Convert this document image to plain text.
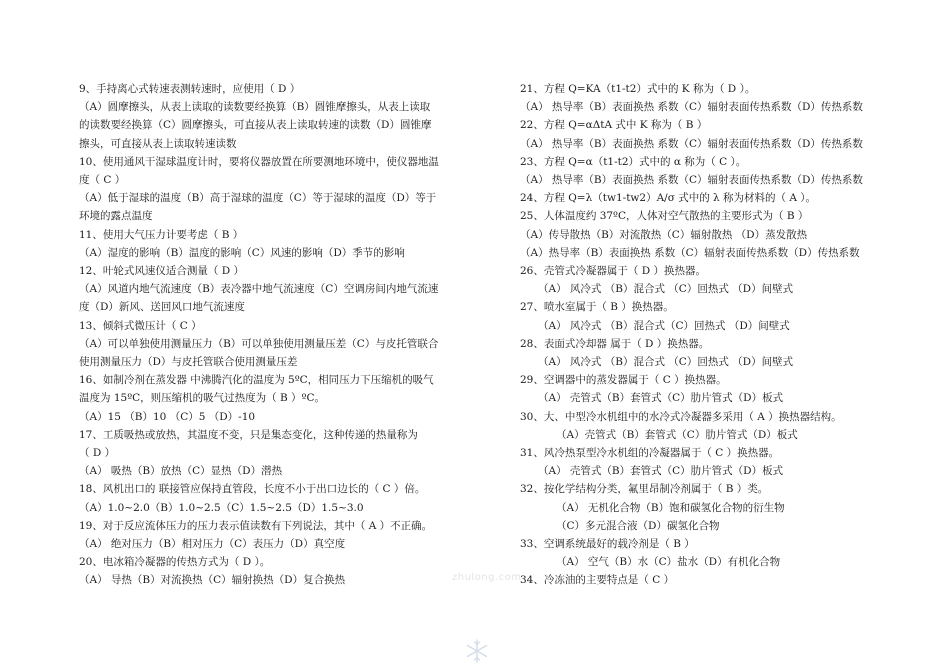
9、手持离心式转速表测转速时，应使用（ D ）
（A）圆摩擦头，从表上读取的读数要经换算（B）圆锥摩擦头，从表上读取
的读数要经换算（C）圆摩擦头，可直接从表上读取转速的读数（D）圆锥摩
擦头，可直接从表上读取转速读数
10、使用通风干湿球温度计时，要将仪器放置在所要测地环境中，使仪器地温
度（ C ）
（A）低于湿球的温度（B）高于湿球的温度（C）等于湿球的温度（D）等于
环境的露点温度
11、使用大气压力计要考虑（ B ）
（A）湿度的影响（B）温度的影响（C）风速的影响（D）季节的影响
12、叶轮式风速仪适合测量（ D ）
（A）风道内地气流速度（B）表冷器中地气流速度（C）空调房间内地气流速
度（D）新风、送回风口地气流速度
13、倾斜式微压计（ C ）
（A）可以单独使用测量压力（B）可以单独使用测量压差（C）与皮托管联合
使用测量压力（D）与皮托管联合使用测量压差
16、如制冷剂在蒸发器 中沸腾汽化的温度为 5ºC，相同压力下压缩机的吸气
温度为 15ºC，则压缩机的吸气过热度为（ B ）ºC。
（A）15 （B）10 （C）5 （D）-10
17、工质吸热或放热，其温度不变，只是集态变化，这种传递的热量称为
（ D ）
（A） 吸热（B）放热（C）显热（D）潜热
18、风机出口的 联接管应保持直管段，长度不小于出口边长的（ C ）倍。
（A）1.0~2.0（B）1.0~2.5（C）1.5~2.5（D）1.5~3.0
19、对于反应流体压力的压力表示值读数有下列说法，其中（ A ）不正确。
（A） 绝对压力（B）相对压力（C）表压力（D）真空度
20、电冰箱冷凝器的传热方式为（ D ）。
（A） 导热（B）对流换热（C）辐射换热（D）复合换热
21、方程 Q=KA（t1-t2）式中的 K 称为（ D ）。
（A） 热导率（B）表面换热 系数（C）辐射表面传热系数（D）传热系数
22、方程 Q=αΔtA 式中 K 称为（ B ）
（A） 热导率（B）表面换热 系数（C）辐射表面传热系数（D）传热系数
23、方程 Q=α（t1-t2）式中的 α 称为（ C ）。
（A） 热导率（B）表面换热 系数（C）辐射表面传热系数（D）传热系数
24、方程 Q=λ（tw1-tw2）A/σ 式中的 λ 称为材料的（ A ）。
25、人体温度约 37ºC，人体对空气散热的主要形式为（ B ）
（A）传导散热（B）对流散热（C）辐射散热 （D）蒸发散热
（A）热导率（B）表面换热 系数（C）辐射表面传热系数（D）传热系数
26、壳管式冷凝器属于（ D ）换热器。
（A） 风冷式 （B）混合式 （C）回热式 （D）间壁式
27、喷水室属于（ B ）换热器。
（A） 风冷式 （B）混合式（C）回热式 （D）间壁式
28、表面式冷却器 属于（ D ）换热器。
（A） 风冷式 （B）混合式 （C）回热式 （D）间壁式
29、空调器中的蒸发器属于（ C ）换热器。
（A） 壳管式（B）套管式（C）肋片管式（D）板式
30、大、中型冷水机组中的水冷式冷凝器多采用（ A ）换热器结构。
（A）壳管式（B）套管式（C）肋片管式（D）板式
31、风冷热泵型冷水机组的冷凝器属于（ C ）换热器。
（A） 壳管式（B）套管式（C）肋片管式（D）板式
32、按化学结构分类，氟里昂制冷剂属于（ B ）类。
（A） 无机化合物（B）饱和碳氢化合物的衍生物
（C）多元混合液（D）碳氢化合物
33、空调系统最好的载冷剂是（ B ）
（A） 空气（B）水（C）盐水（D）有机化合物
34、冷冻油的主要特点是（ C ）
zhulong.com
